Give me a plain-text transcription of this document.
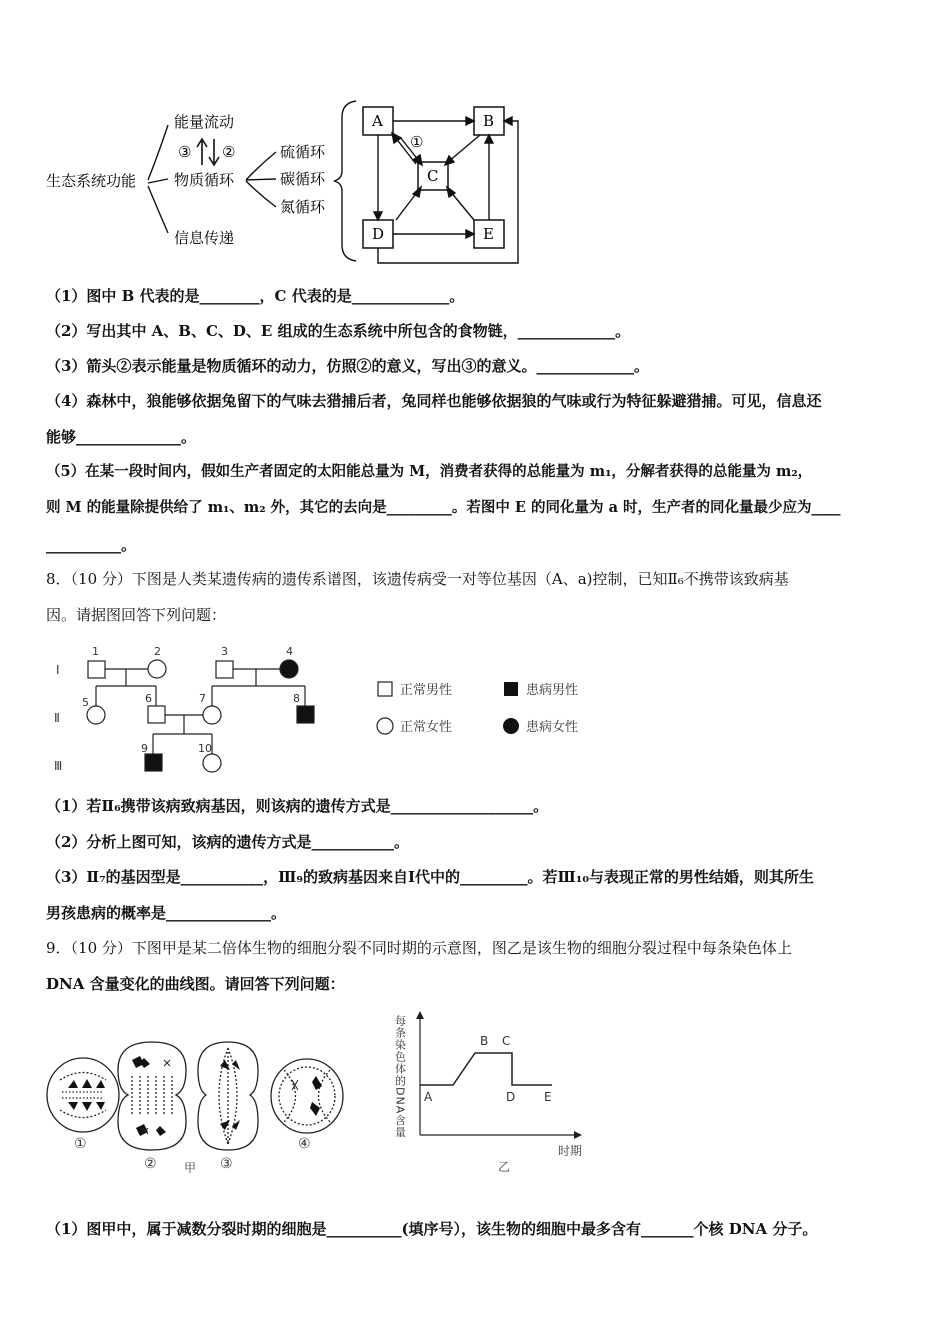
生态系统功能
能量流动
③ ②
物质循环
信息传递
硫循环
碳循环
氮循环
A	B
C
D	E
①
（1）图中 B 代表的是________，C 代表的是_____________。
（2）写出其中 A、B、C、D、E 组成的生态系统中所包含的食物链，_____________。
（3）箭头②表示能量是物质循环的动力，仿照②的意义，写出③的意义。_____________。
（4）森林中，狼能够依据兔留下的气味去猎捕后者，兔同样也能够依据狼的气味或行为特征躲避猎捕。可见，信息还
能够______________。
（5）在某一段时间内，假如生产者固定的太阳能总量为 M，消费者获得的总能量为 m₁，分解者获得的总能量为 m₂，
则 M 的能量除提供给了 m₁、m₂ 外，其它的去向是_________。若图中 E 的同化量为 a 时，生产者的同化量最少应为____
__________。
8．（10 分）下图是人类某遗传病的遗传系谱图，该遗传病受一对等位基因（A、a)控制，已知Ⅱ₆不携带该致病基
因。请据图回答下列问题：
Ⅰ
Ⅱ
Ⅲ
1	2	3	4
5	6	7	8
9	10
正常男性	患病男性
正常女性	患病女性
（1）若Ⅱ₆携带该病致病基因，则该病的遗传方式是___________________。
（2）分析上图可知，该病的遗传方式是___________。
（3）Ⅱ₇的基因型是___________，Ⅲ₉的致病基因来自Ⅰ代中的_________。若Ⅲ₁₀与表现正常的男性结婚，则其所生
男孩患病的概率是______________。
9．（10 分）下图甲是某二倍体生物的细胞分裂不同时期的示意图，图乙是该生物的细胞分裂过程中每条染色体上
DNA 含量变化的曲线图。请回答下列问题：
①
②	③
④
甲
每条染色体的DNA含量 A
B C
D E
时期
乙
（1）图甲中，属于减数分裂时期的细胞是__________(填序号），该生物的细胞中最多含有_______个核 DNA 分子。
